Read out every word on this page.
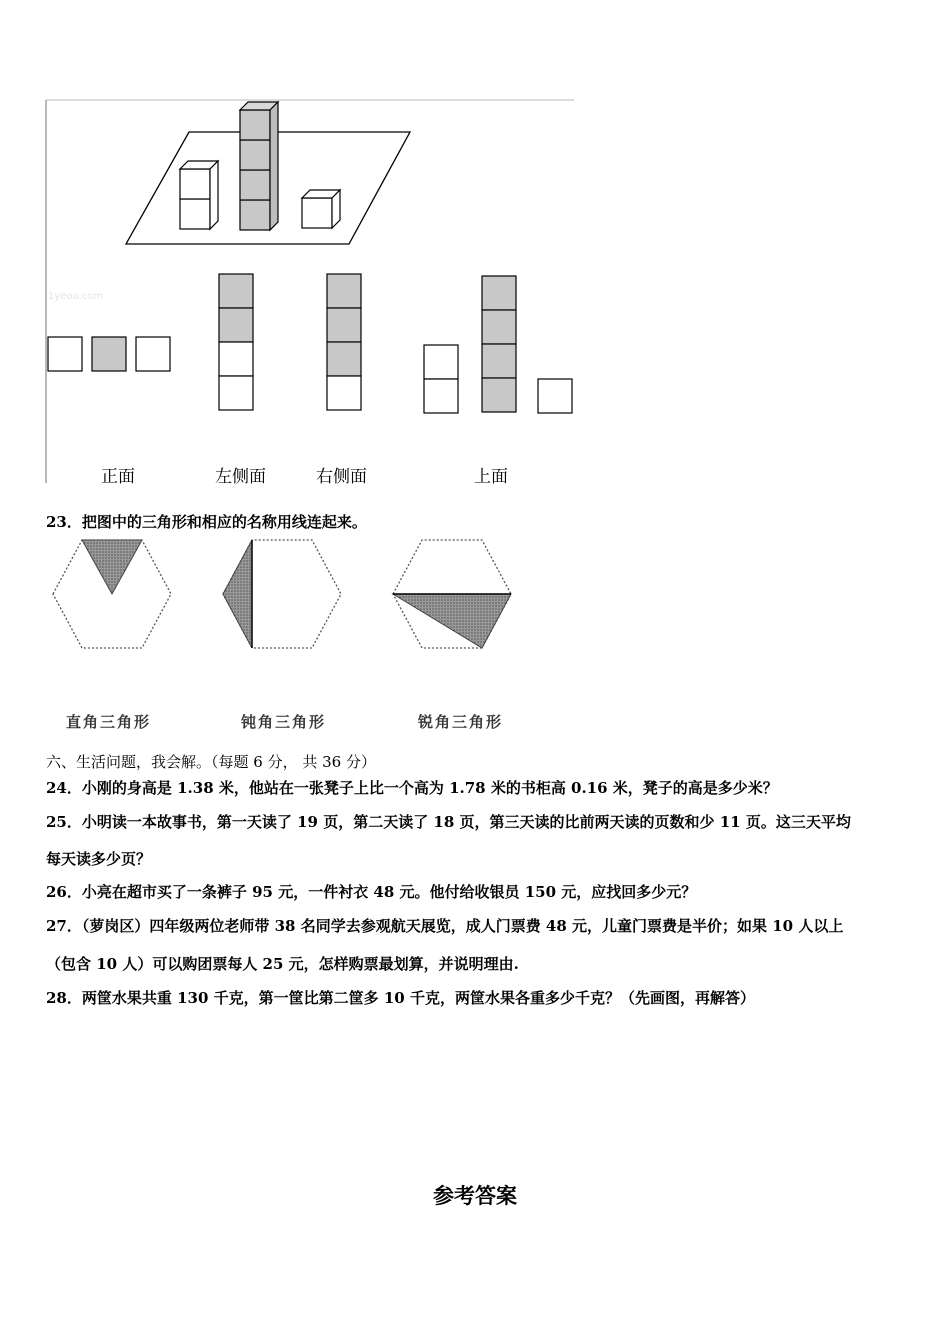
1yeoo.com
正面	左侧面	右侧面	上面
23．把图中的三角形和相应的名称用线连起来。
直角三角形	钝角三角形	锐角三角形
六、生活问题，我会解。（每题 6 分， 共 36 分）
24．小刚的身高是 1.38 米，他站在一张凳子上比一个高为 1.78 米的书柜高 0.16 米，凳子的高是多少米？
25．小明读一本故事书，第一天读了 19 页，第二天读了 18 页，第三天读的比前两天读的页数和少 11 页。这三天平均
每天读多少页？
26．小亮在超市买了一条裤子 95 元，一件衬衣 48 元。他付给收银员 150 元，应找回多少元？
27．（萝岗区）四年级两位老师带 38 名同学去参观航天展览，成人门票费 48 元，儿童门票费是半价；如果 10 人以上
（包含 10 人）可以购团票每人 25 元，怎样购票最划算，并说明理由.
28．两筐水果共重 130 千克，第一筐比第二筐多 10 千克，两筐水果各重多少千克？（先画图，再解答）
参考答案
